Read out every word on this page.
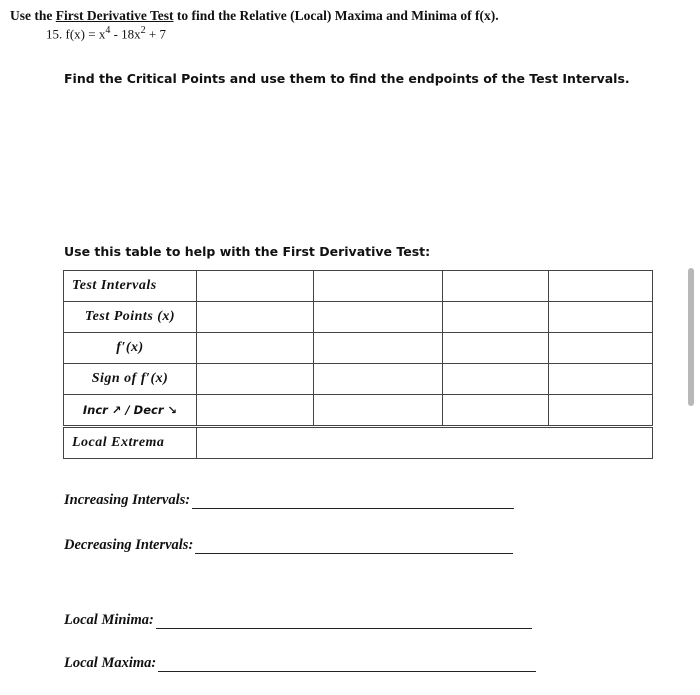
Use the First Derivative Test to find the Relative (Local) Maxima and Minima of f(x).
15. $f(x) = x^4 - 18x^2 + 7$
Find the Critical Points and use them to find the endpoints of the Test Intervals.
Use this table to help with the First Derivative Test:
Test Intervals				
Test Points (x)				
f′(x)				
Sign of f′(x)				
Incr ↗ / Decr ↘				
Local Extrema				
Increasing Intervals:
Decreasing Intervals:
Local Minima:
Local Maxima:
